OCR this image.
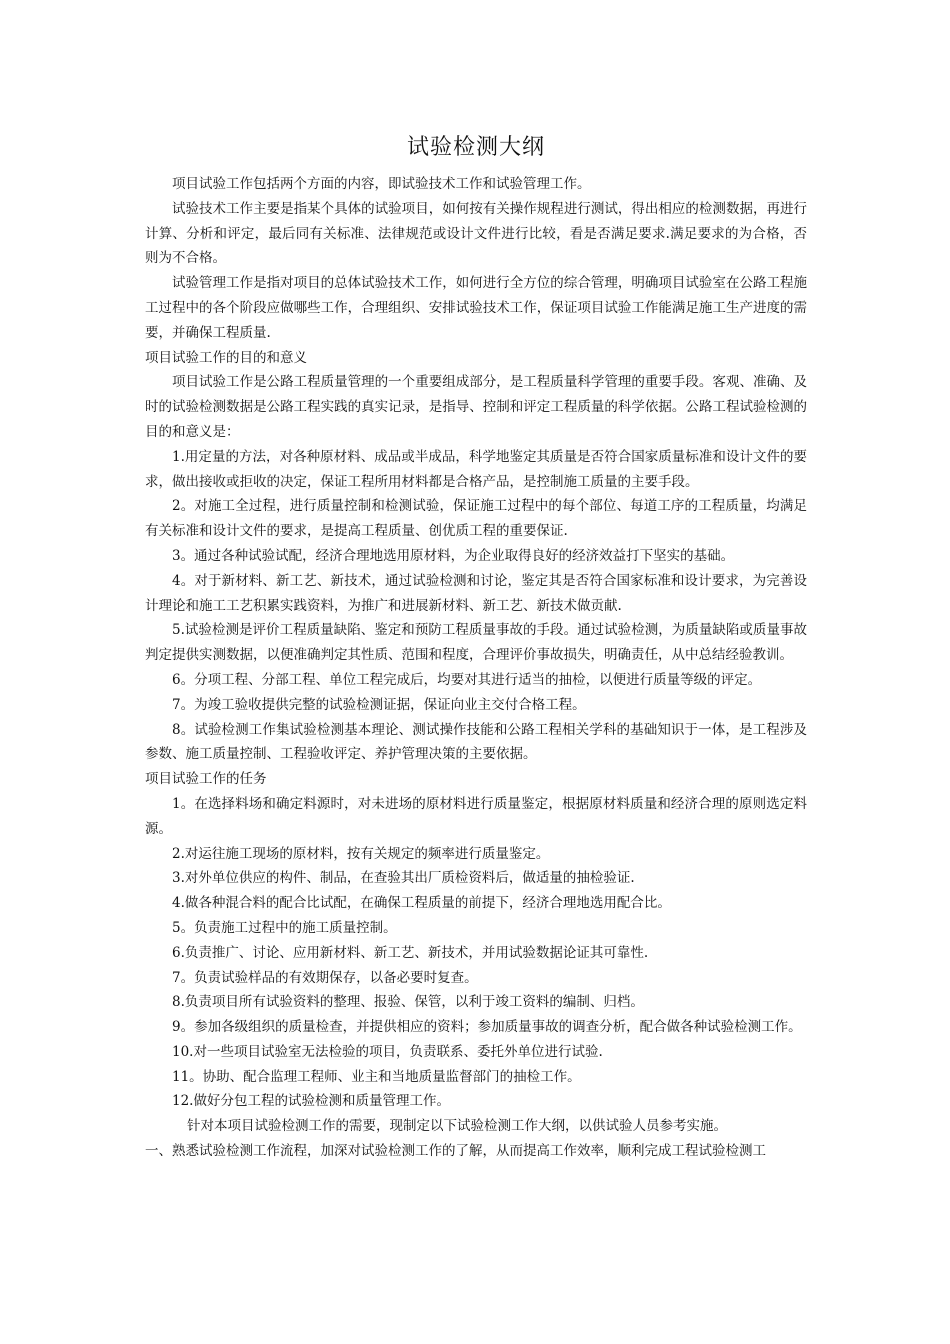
试验检测大纲

项目试验工作包括两个方面的内容，即试验技术工作和试验管理工作。

试验技术工作主要是指某个具体的试验项目，如何按有关操作规程进行测试，得出相应的检测数据，再进行计算、分析和评定，最后同有关标准、法律规范或设计文件进行比较，看是否满足要求.满足要求的为合格，否则为不合格。

试验管理工作是指对项目的总体试验技术工作，如何进行全方位的综合管理，明确项目试验室在公路工程施工过程中的各个阶段应做哪些工作，合理组织、安排试验技术工作，保证项目试验工作能满足施工生产进度的需要，并确保工程质量.

项目试验工作的目的和意义

项目试验工作是公路工程质量管理的一个重要组成部分，是工程质量科学管理的重要手段。客观、准确、及时的试验检测数据是公路工程实践的真实记录，是指导、控制和评定工程质量的科学依据。公路工程试验检测的目的和意义是：

1.用定量的方法，对各种原材料、成品或半成品，科学地鉴定其质量是否符合国家质量标准和设计文件的要求，做出接收或拒收的决定，保证工程所用材料都是合格产品，是控制施工质量的主要手段。

2。对施工全过程，进行质量控制和检测试验，保证施工过程中的每个部位、每道工序的工程质量，均满足有关标准和设计文件的要求，是提高工程质量、创优质工程的重要保证.

3。通过各种试验试配，经济合理地选用原材料，为企业取得良好的经济效益打下坚实的基础。

4。对于新材料、新工艺、新技术，通过试验检测和讨论，鉴定其是否符合国家标准和设计要求，为完善设计理论和施工工艺积累实践资料，为推广和进展新材料、新工艺、新技术做贡献.

5.试验检测是评价工程质量缺陷、鉴定和预防工程质量事故的手段。通过试验检测，为质量缺陷或质量事故判定提供实测数据，以便准确判定其性质、范围和程度，合理评价事故损失，明确责任，从中总结经验教训。

6。分项工程、分部工程、单位工程完成后，均要对其进行适当的抽检，以便进行质量等级的评定。

7。为竣工验收提供完整的试验检测证据，保证向业主交付合格工程。

8。试验检测工作集试验检测基本理论、测试操作技能和公路工程相关学科的基础知识于一体，是工程涉及参数、施工质量控制、工程验收评定、养护管理决策的主要依据。

项目试验工作的任务

1。在选择料场和确定料源时，对未进场的原材料进行质量鉴定，根据原材料质量和经济合理的原则选定料源。

2.对运往施工现场的原材料，按有关规定的频率进行质量鉴定。

3.对外单位供应的构件、制品，在查验其出厂质检资料后，做适量的抽检验证.

4.做各种混合料的配合比试配，在确保工程质量的前提下，经济合理地选用配合比。

5。负责施工过程中的施工质量控制。

6.负责推广、讨论、应用新材料、新工艺、新技术，并用试验数据论证其可靠性.

7。负责试验样品的有效期保存，以备必要时复查。

8.负责项目所有试验资料的整理、报验、保管，以利于竣工资料的编制、归档。

9。参加各级组织的质量检查，并提供相应的资料；参加质量事故的调查分析，配合做各种试验检测工作。

10.对一些项目试验室无法检验的项目，负责联系、委托外单位进行试验.

11。协助、配合监理工程师、业主和当地质量监督部门的抽检工作。

12.做好分包工程的试验检测和质量管理工作。

针对本项目试验检测工作的需要，现制定以下试验检测工作大纲，以供试验人员参考实施。

一、熟悉试验检测工作流程，加深对试验检测工作的了解，从而提高工作效率，顺利完成工程试验检测工
